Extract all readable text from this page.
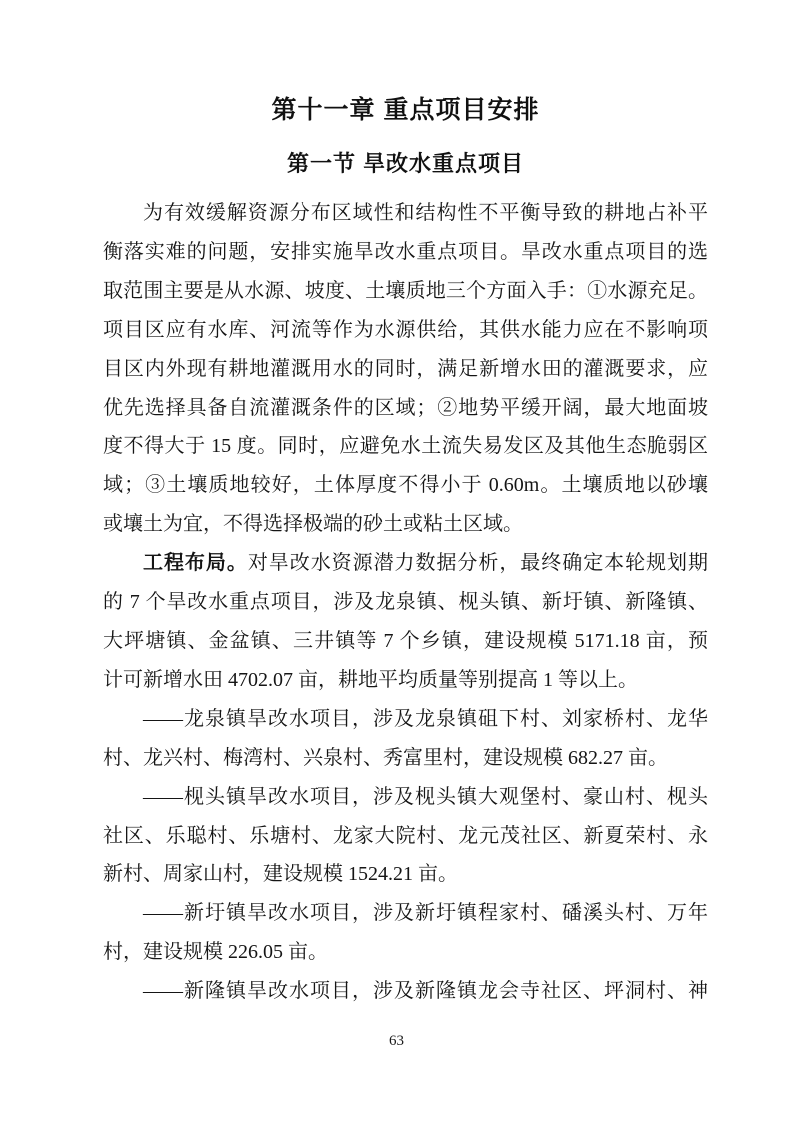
第十一章 重点项目安排
第一节 旱改水重点项目
为有效缓解资源分布区域性和结构性不平衡导致的耕地占补平
衡落实难的问题，安排实施旱改水重点项目。旱改水重点项目的选
取范围主要是从水源、坡度、土壤质地三个方面入手：①水源充足。
项目区应有水库、河流等作为水源供给，其供水能力应在不影响项
目区内外现有耕地灌溉用水的同时，满足新增水田的灌溉要求，应
优先选择具备自流灌溉条件的区域；②地势平缓开阔，最大地面坡
度不得大于 15 度。同时，应避免水土流失易发区及其他生态脆弱区
域；③土壤质地较好，土体厚度不得小于 0.60m。土壤质地以砂壤
或壤土为宜，不得选择极端的砂土或粘土区域。
工程布局。对旱改水资源潜力数据分析，最终确定本轮规划期
的 7 个旱改水重点项目，涉及龙泉镇、枧头镇、新圩镇、新隆镇、
大坪塘镇、金盆镇、三井镇等 7 个乡镇，建设规模 5171.18 亩，预
计可新增水田 4702.07 亩，耕地平均质量等别提高 1 等以上。
——龙泉镇旱改水项目，涉及龙泉镇砠下村、刘家桥村、龙华
村、龙兴村、梅湾村、兴泉村、秀富里村，建设规模 682.27 亩。
——枧头镇旱改水项目，涉及枧头镇大观堡村、豪山村、枧头
社区、乐聪村、乐塘村、龙家大院村、龙元茂社区、新夏荣村、永
新村、周家山村，建设规模 1524.21 亩。
——新圩镇旱改水项目，涉及新圩镇程家村、磻溪头村、万年
村，建设规模 226.05 亩。
——新隆镇旱改水项目，涉及新隆镇龙会寺社区、坪洞村、神
63
